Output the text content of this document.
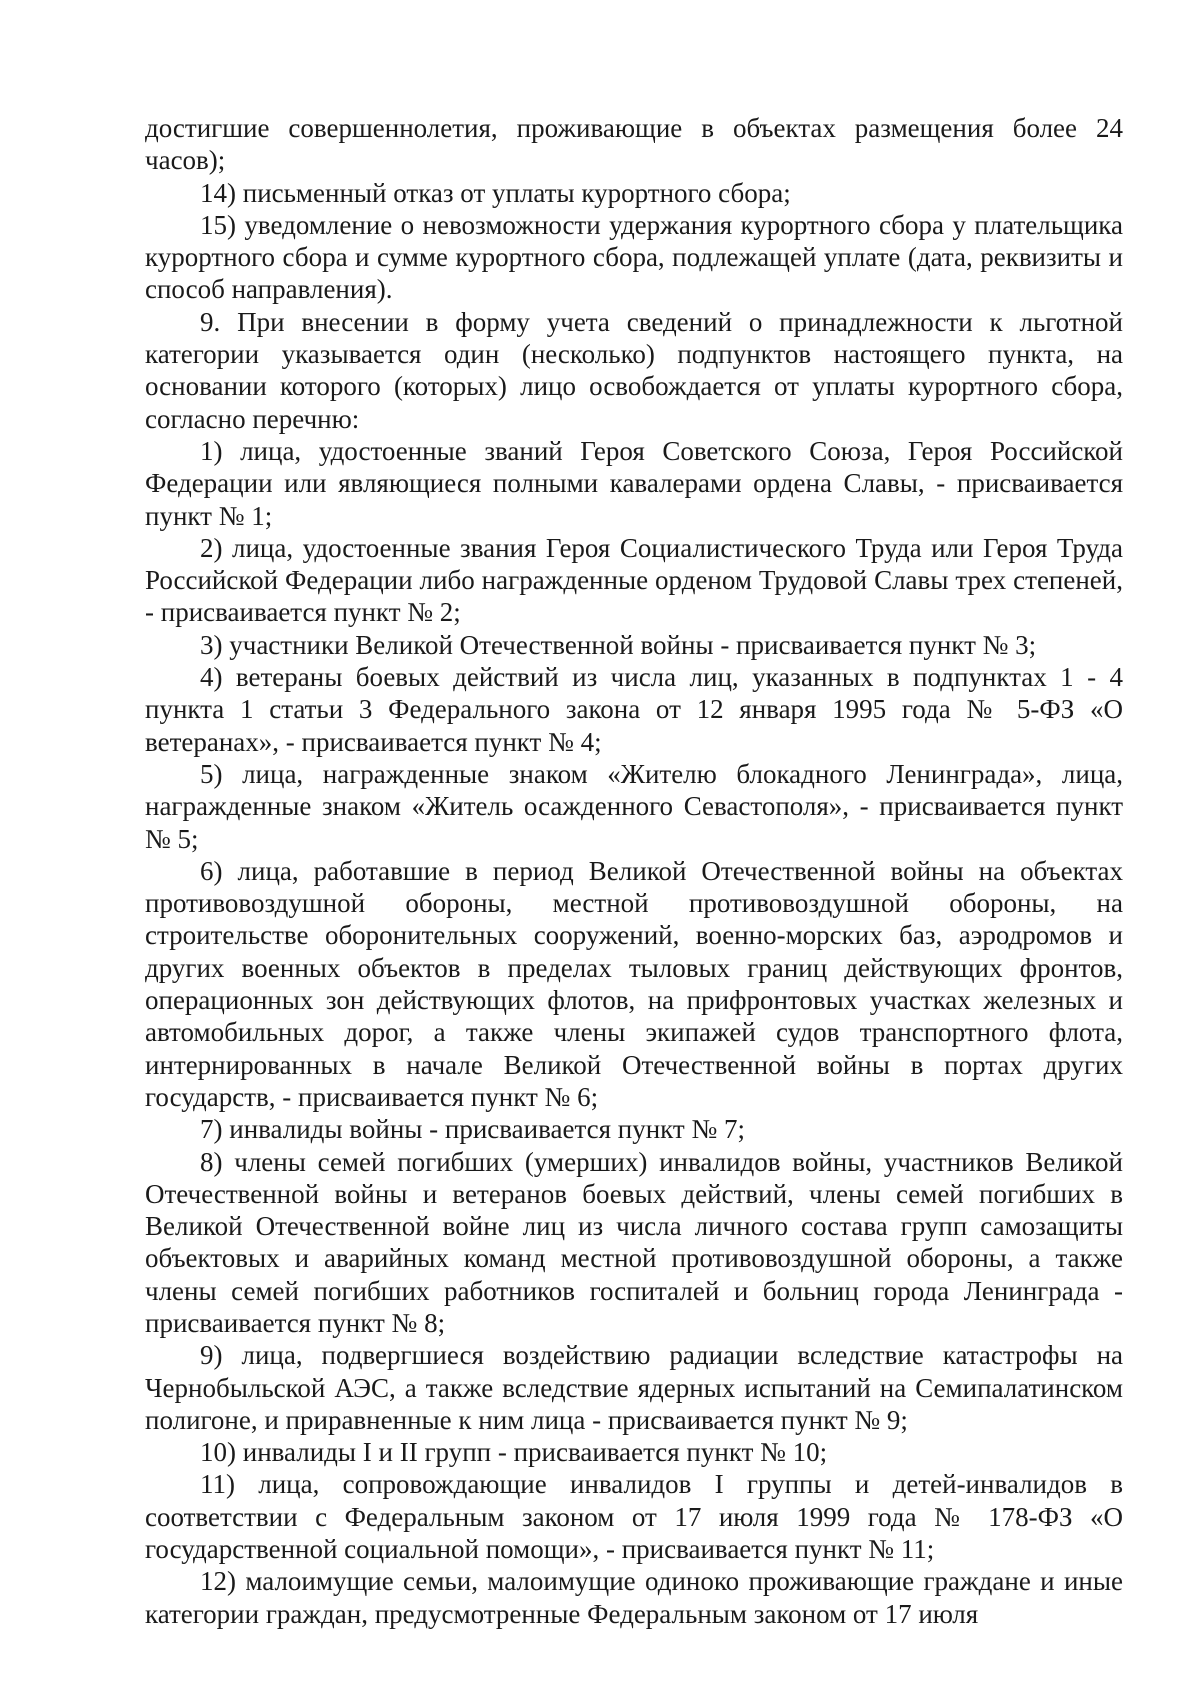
достигшие совершеннолетия, проживающие в объектах размещения более 24 часов);

14) письменный отказ от уплаты курортного сбора;

15) уведомление о невозможности удержания курортного сбора у плательщика курортного сбора и сумме курортного сбора, подлежащей уплате (дата, реквизиты и способ направления).

9. При внесении в форму учета сведений о принадлежности к льготной категории указывается один (несколько) подпунктов настоящего пункта, на основании которого (которых) лицо освобождается от уплаты курортного сбора, согласно перечню:

1) лица, удостоенные званий Героя Советского Союза, Героя Российской Федерации или являющиеся полными кавалерами ордена Славы, - присваивается пункт № 1;

2) лица, удостоенные звания Героя Социалистического Труда или Героя Труда Российской Федерации либо награжденные орденом Трудовой Славы трех степеней, - присваивается пункт № 2;

3) участники Великой Отечественной войны - присваивается пункт № 3;

4) ветераны боевых действий из числа лиц, указанных в подпунктах 1 - 4 пункта 1 статьи 3 Федерального закона от 12 января 1995 года № 5-ФЗ «О ветеранах», - присваивается пункт № 4;

5) лица, награжденные знаком «Жителю блокадного Ленинграда», лица, награжденные знаком «Житель осажденного Севастополя», - присваивается пункт № 5;

6) лица, работавшие в период Великой Отечественной войны на объектах противовоздушной обороны, местной противовоздушной обороны, на строительстве оборонительных сооружений, военно-морских баз, аэродромов и других военных объектов в пределах тыловых границ действующих фронтов, операционных зон действующих флотов, на прифронтовых участках железных и автомобильных дорог, а также члены экипажей судов транспортного флота, интернированных в начале Великой Отечественной войны в портах других государств, - присваивается пункт № 6;

7) инвалиды войны - присваивается пункт № 7;

8) члены семей погибших (умерших) инвалидов войны, участников Великой Отечественной войны и ветеранов боевых действий, члены семей погибших в Великой Отечественной войне лиц из числа личного состава групп самозащиты объектовых и аварийных команд местной противовоздушной обороны, а также члены семей погибших работников госпиталей и больниц города Ленинграда - присваивается пункт № 8;

9) лица, подвергшиеся воздействию радиации вследствие катастрофы на Чернобыльской АЭС, а также вследствие ядерных испытаний на Семипалатинском полигоне, и приравненные к ним лица - присваивается пункт № 9;

10) инвалиды I и II групп - присваивается пункт № 10;

11) лица, сопровождающие инвалидов I группы и детей-инвалидов в соответствии с Федеральным законом от 17 июля 1999 года № 178-ФЗ «О государственной социальной помощи», - присваивается пункт № 11;

12) малоимущие семьи, малоимущие одиноко проживающие граждане и иные категории граждан, предусмотренные Федеральным законом от 17 июля
